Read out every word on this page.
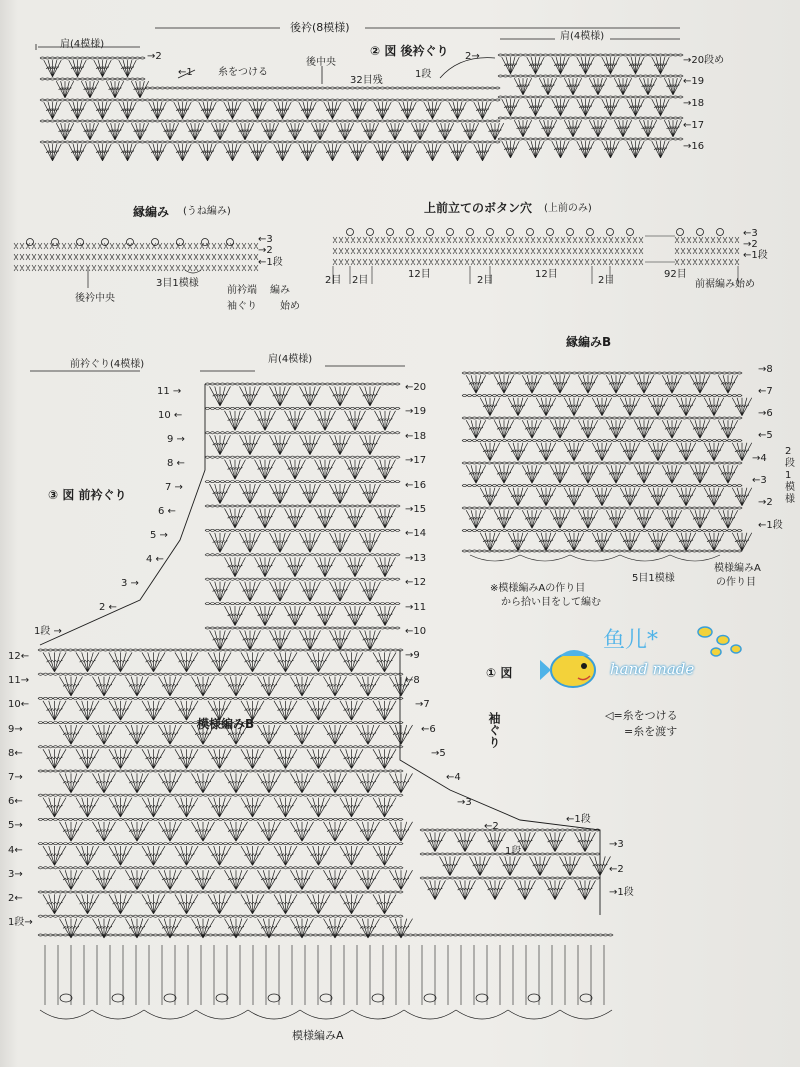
肩(4模様)
後衿(8模様)
肩(4模様)
② 図 後衿ぐり
→2
←1	糸をつける
後中央
32目残
2→
1段
→20段め
←19
→18
←17
→16
縁編み (うね編み)
←3
→2
←1段
後衿中央
3目1模様
前衿端
袖ぐり
編み
始め
上前立てのボタン穴 (上前のみ)
←3
→2
←1段
2目 2目
12目
2目
12目
2目
92目
前裾編み始め
縁編みB
→8
←7
→6
←5
→4
←3
→2
←1段
2
段
1
模
様
5目1模様
模様編みA
の作り目
※模様編みAの作り目
から拾い目をして編む
前衿ぐり(4模様)	肩(4模様)
③ 図 前衿ぐり
11 →
10 ←
9 →
8 ←
7 →
6 ←
5 →
4 ←
3 →
2 ←
1段 →
←20
→19
←18
→17
←16
→15
←14
→13
←12
→11
←10
→9
←8
→7
←6
→5
←4
→3
←2
1段
12←
11→
10←
9→
8←
7→
6←
5→
4←
3→
2←
1段→
模様編みB
模様編みA
① 図
袖ぐり
←1段
→3
←2
→1段
◁=糸をつける
=糸を渡す
鱼儿*
hand made
